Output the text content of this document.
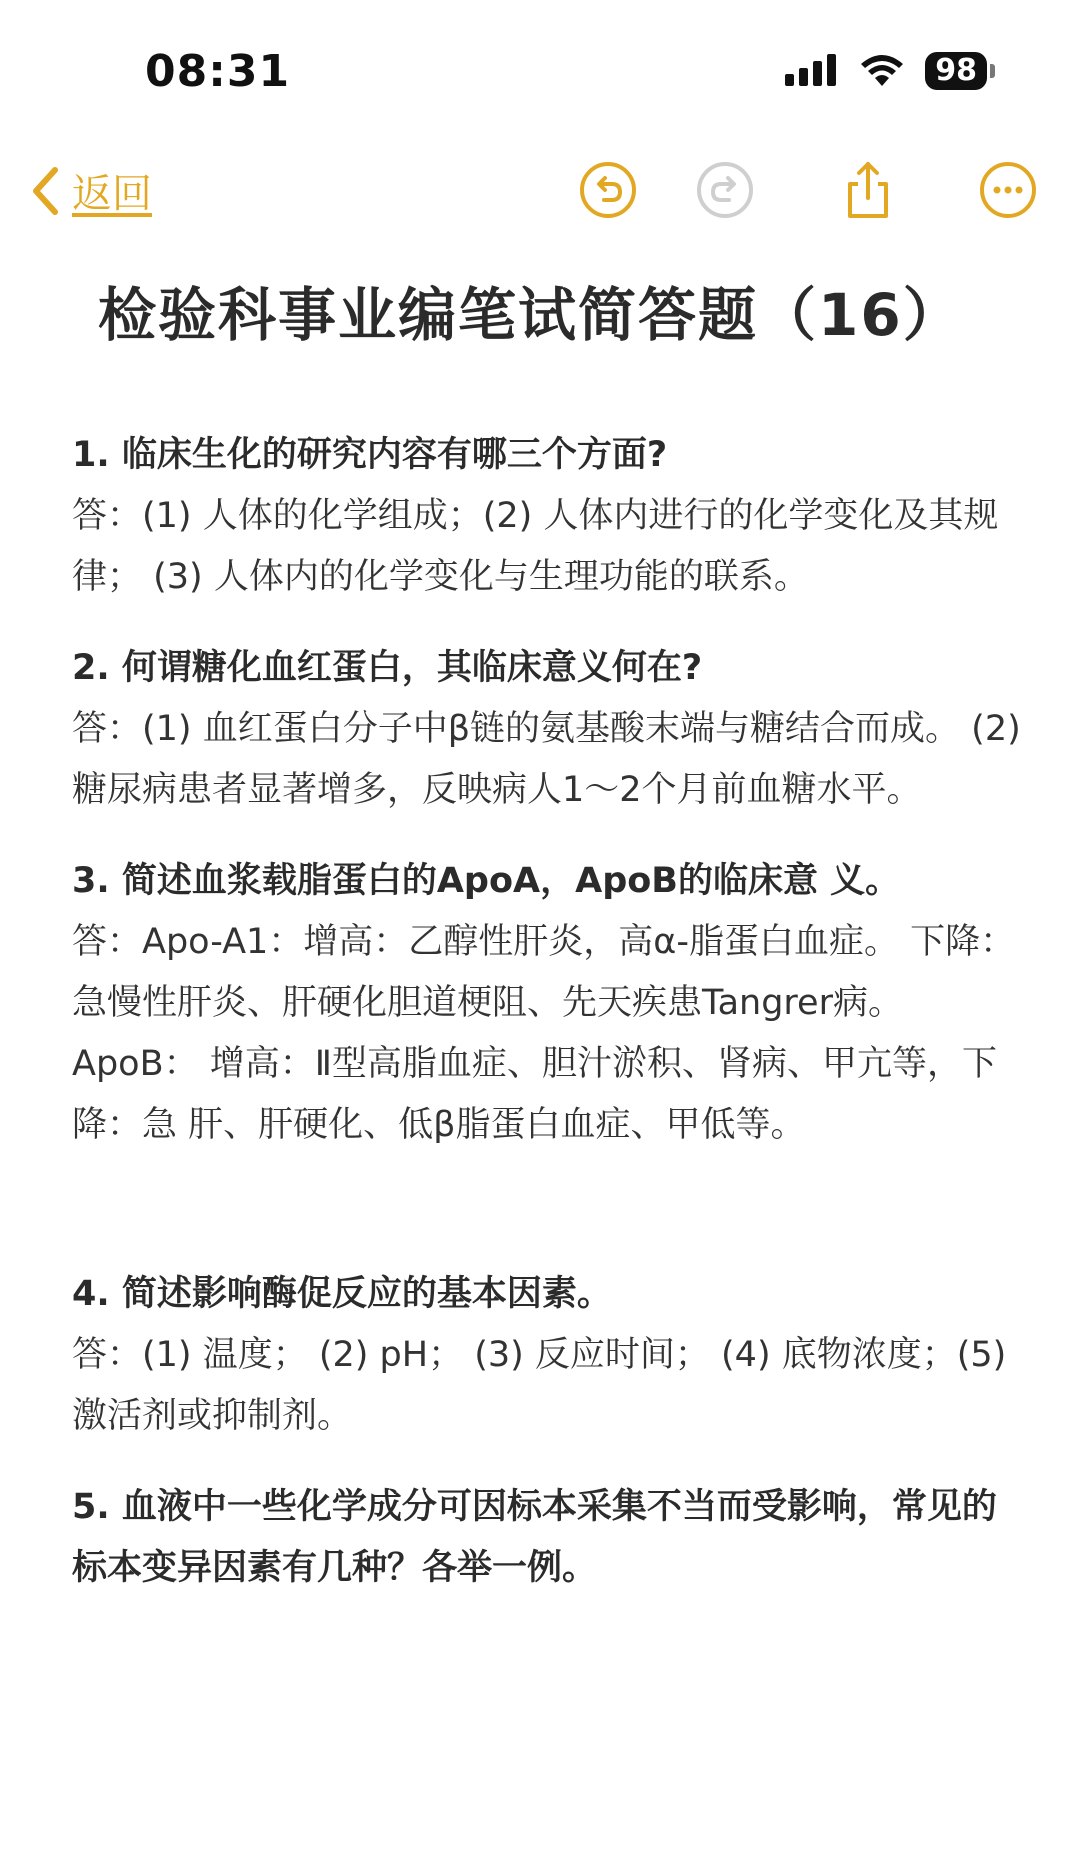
08:31	98
返回
检验科事业编笔试简答题（16）
1. 临床生化的研究内容有哪三个方面?
答：(1) 人体的化学组成；(2) 人体内进行的化学变化及其规律； (3) 人体内的化学变化与生理功能的联系。
2. 何谓糖化血红蛋白，其临床意义何在?
答：(1) 血红蛋白分子中β链的氨基酸末端与糖结合而成。 (2) 糖尿病患者显著增多，反映病人1～2个月前血糖水平。
3. 简述血浆载脂蛋白的ApoA，ApoB的临床意 义。
答：Apo-A1：增高：乙醇性肝炎，高α-脂蛋白血症。 下降：急慢性肝炎、肝硬化胆道梗阻、先天疾患Tangrer病。ApoB： 增高：Ⅱ型高脂血症、胆汁淤积、肾病、甲亢等，下降：急 肝、肝硬化、低β脂蛋白血症、甲低等。
4. 简述影响酶促反应的基本因素。
答：(1) 温度； (2) pH； (3) 反应时间； (4) 底物浓度；(5) 激活剂或抑制剂。
5. 血液中一些化学成分可因标本采集不当而受影响，常见的标本变异因素有几种？各举一例。
